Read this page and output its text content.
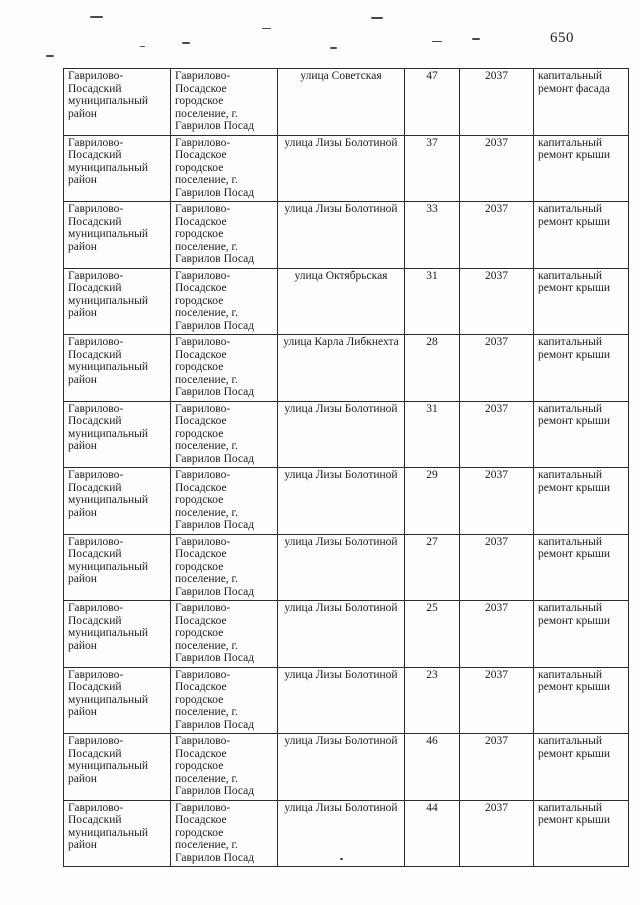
650
Гаврилово-Посадский муниципальный район	Гаврилово-Посадское городское поселение, г. Гаврилов Посад	улица Советская	47	2037	капитальный ремонт фасада
Гаврилово-Посадский муниципальный район	Гаврилово-Посадское городское поселение, г. Гаврилов Посад	улица Лизы Болотиной	37	2037	капитальный ремонт крыши
Гаврилово-Посадский муниципальный район	Гаврилово-Посадское городское поселение, г. Гаврилов Посад	улица Лизы Болотиной	33	2037	капитальный ремонт крыши
Гаврилово-Посадский муниципальный район	Гаврилово-Посадское городское поселение, г. Гаврилов Посад	улица Октябрьская	31	2037	капитальный ремонт крыши
Гаврилово-Посадский муниципальный район	Гаврилово-Посадское городское поселение, г. Гаврилов Посад	улица Карла Либкнехта	28	2037	капитальный ремонт крыши
Гаврилово-Посадский муниципальный район	Гаврилово-Посадское городское поселение, г. Гаврилов Посад	улица Лизы Болотиной	31	2037	капитальный ремонт крыши
Гаврилово-Посадский муниципальный район	Гаврилово-Посадское городское поселение, г. Гаврилов Посад	улица Лизы Болотиной	29	2037	капитальный ремонт крыши
Гаврилово-Посадский муниципальный район	Гаврилово-Посадское городское поселение, г. Гаврилов Посад	улица Лизы Болотиной	27	2037	капитальный ремонт крыши
Гаврилово-Посадский муниципальный район	Гаврилово-Посадское городское поселение, г. Гаврилов Посад	улица Лизы Болотиной	25	2037	капитальный ремонт крыши
Гаврилово-Посадский муниципальный район	Гаврилово-Посадское городское поселение, г. Гаврилов Посад	улица Лизы Болотиной	23	2037	капитальный ремонт крыши
Гаврилово-Посадский муниципальный район	Гаврилово-Посадское городское поселение, г. Гаврилов Посад	улица Лизы Болотиной	46	2037	капитальный ремонт крыши
Гаврилово-Посадский муниципальный район	Гаврилово-Посадское городское поселение, г. Гаврилов Посад	улица Лизы Болотиной	44	2037	капитальный ремонт крыши
